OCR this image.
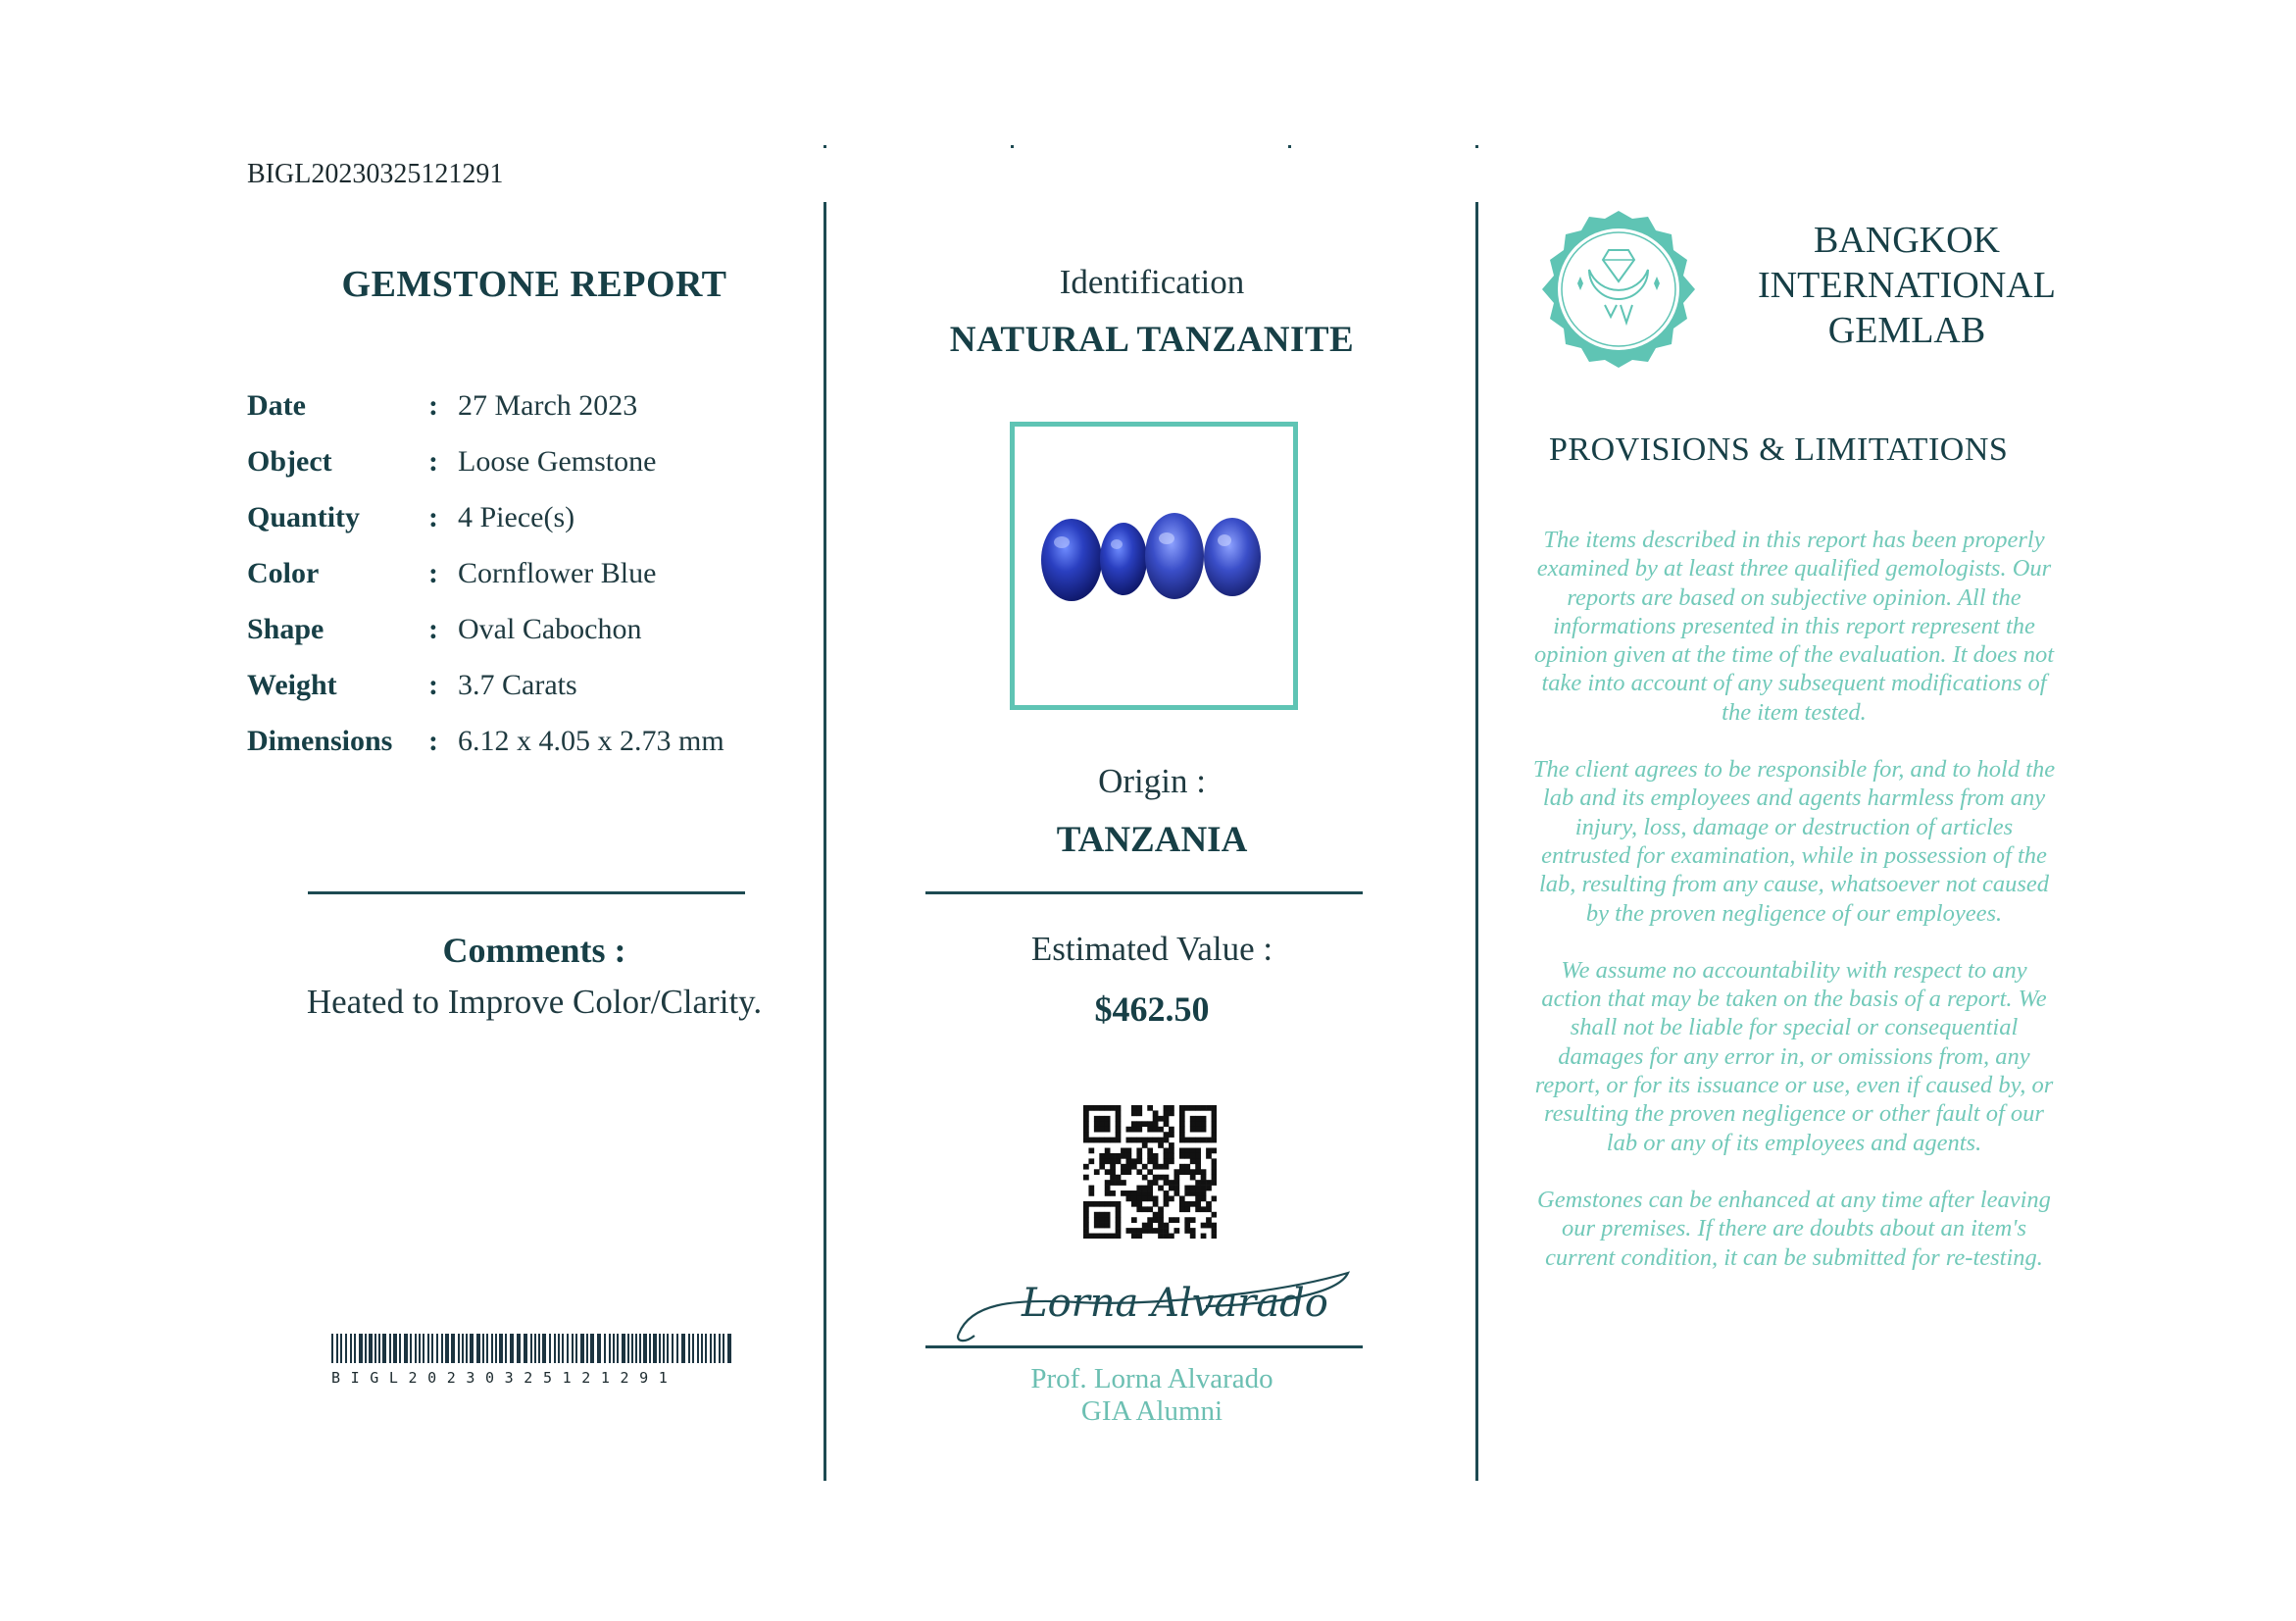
BIGL20230325121291
GEMSTONE REPORT
Date	: 27 March 2023
Object	: Loose Gemstone
Quantity	: 4 Piece(s)
Color	: Cornflower Blue
Shape	: Oval Cabochon
Weight	: 3.7 Carats
Dimensions	: 6.12 x 4.05 x 2.73 mm
Comments :
Heated to Improve Color/Clarity.
BIGL20230325121291
Identification
NATURAL TANZANITE
Origin :
TANZANIA
Estimated Value :
$462.50
Lorna Alvarado
Prof. Lorna Alvarado
GIA Alumni
BANGKOK
INTERNATIONAL
GEMLAB
PROVISIONS & LIMITATIONS

The items described in this report has been properly examined by at least three qualified gemologists. Our reports are based on subjective opinion. All the informations presented in this report represent the opinion given at the time of the evaluation. It does not take into account of any subsequent modifications of the item tested.

The client agrees to be responsible for, and to hold the lab and its employees and agents harmless from any injury, loss, damage or destruction of articles entrusted for examination, while in possession of the lab, resulting from any cause, whatsoever not caused by the proven negligence of our employees.

We assume no accountability with respect to any action that may be taken on the basis of a report. We shall not be liable for special or consequential damages for any error in, or omissions from, any report, or for its issuance or use, even if caused by, or resulting the proven negligence or other fault of our lab or any of its employees and agents.

Gemstones can be enhanced at any time after leaving our premises. If there are doubts about an item's current condition, it can be submitted for re-testing.
